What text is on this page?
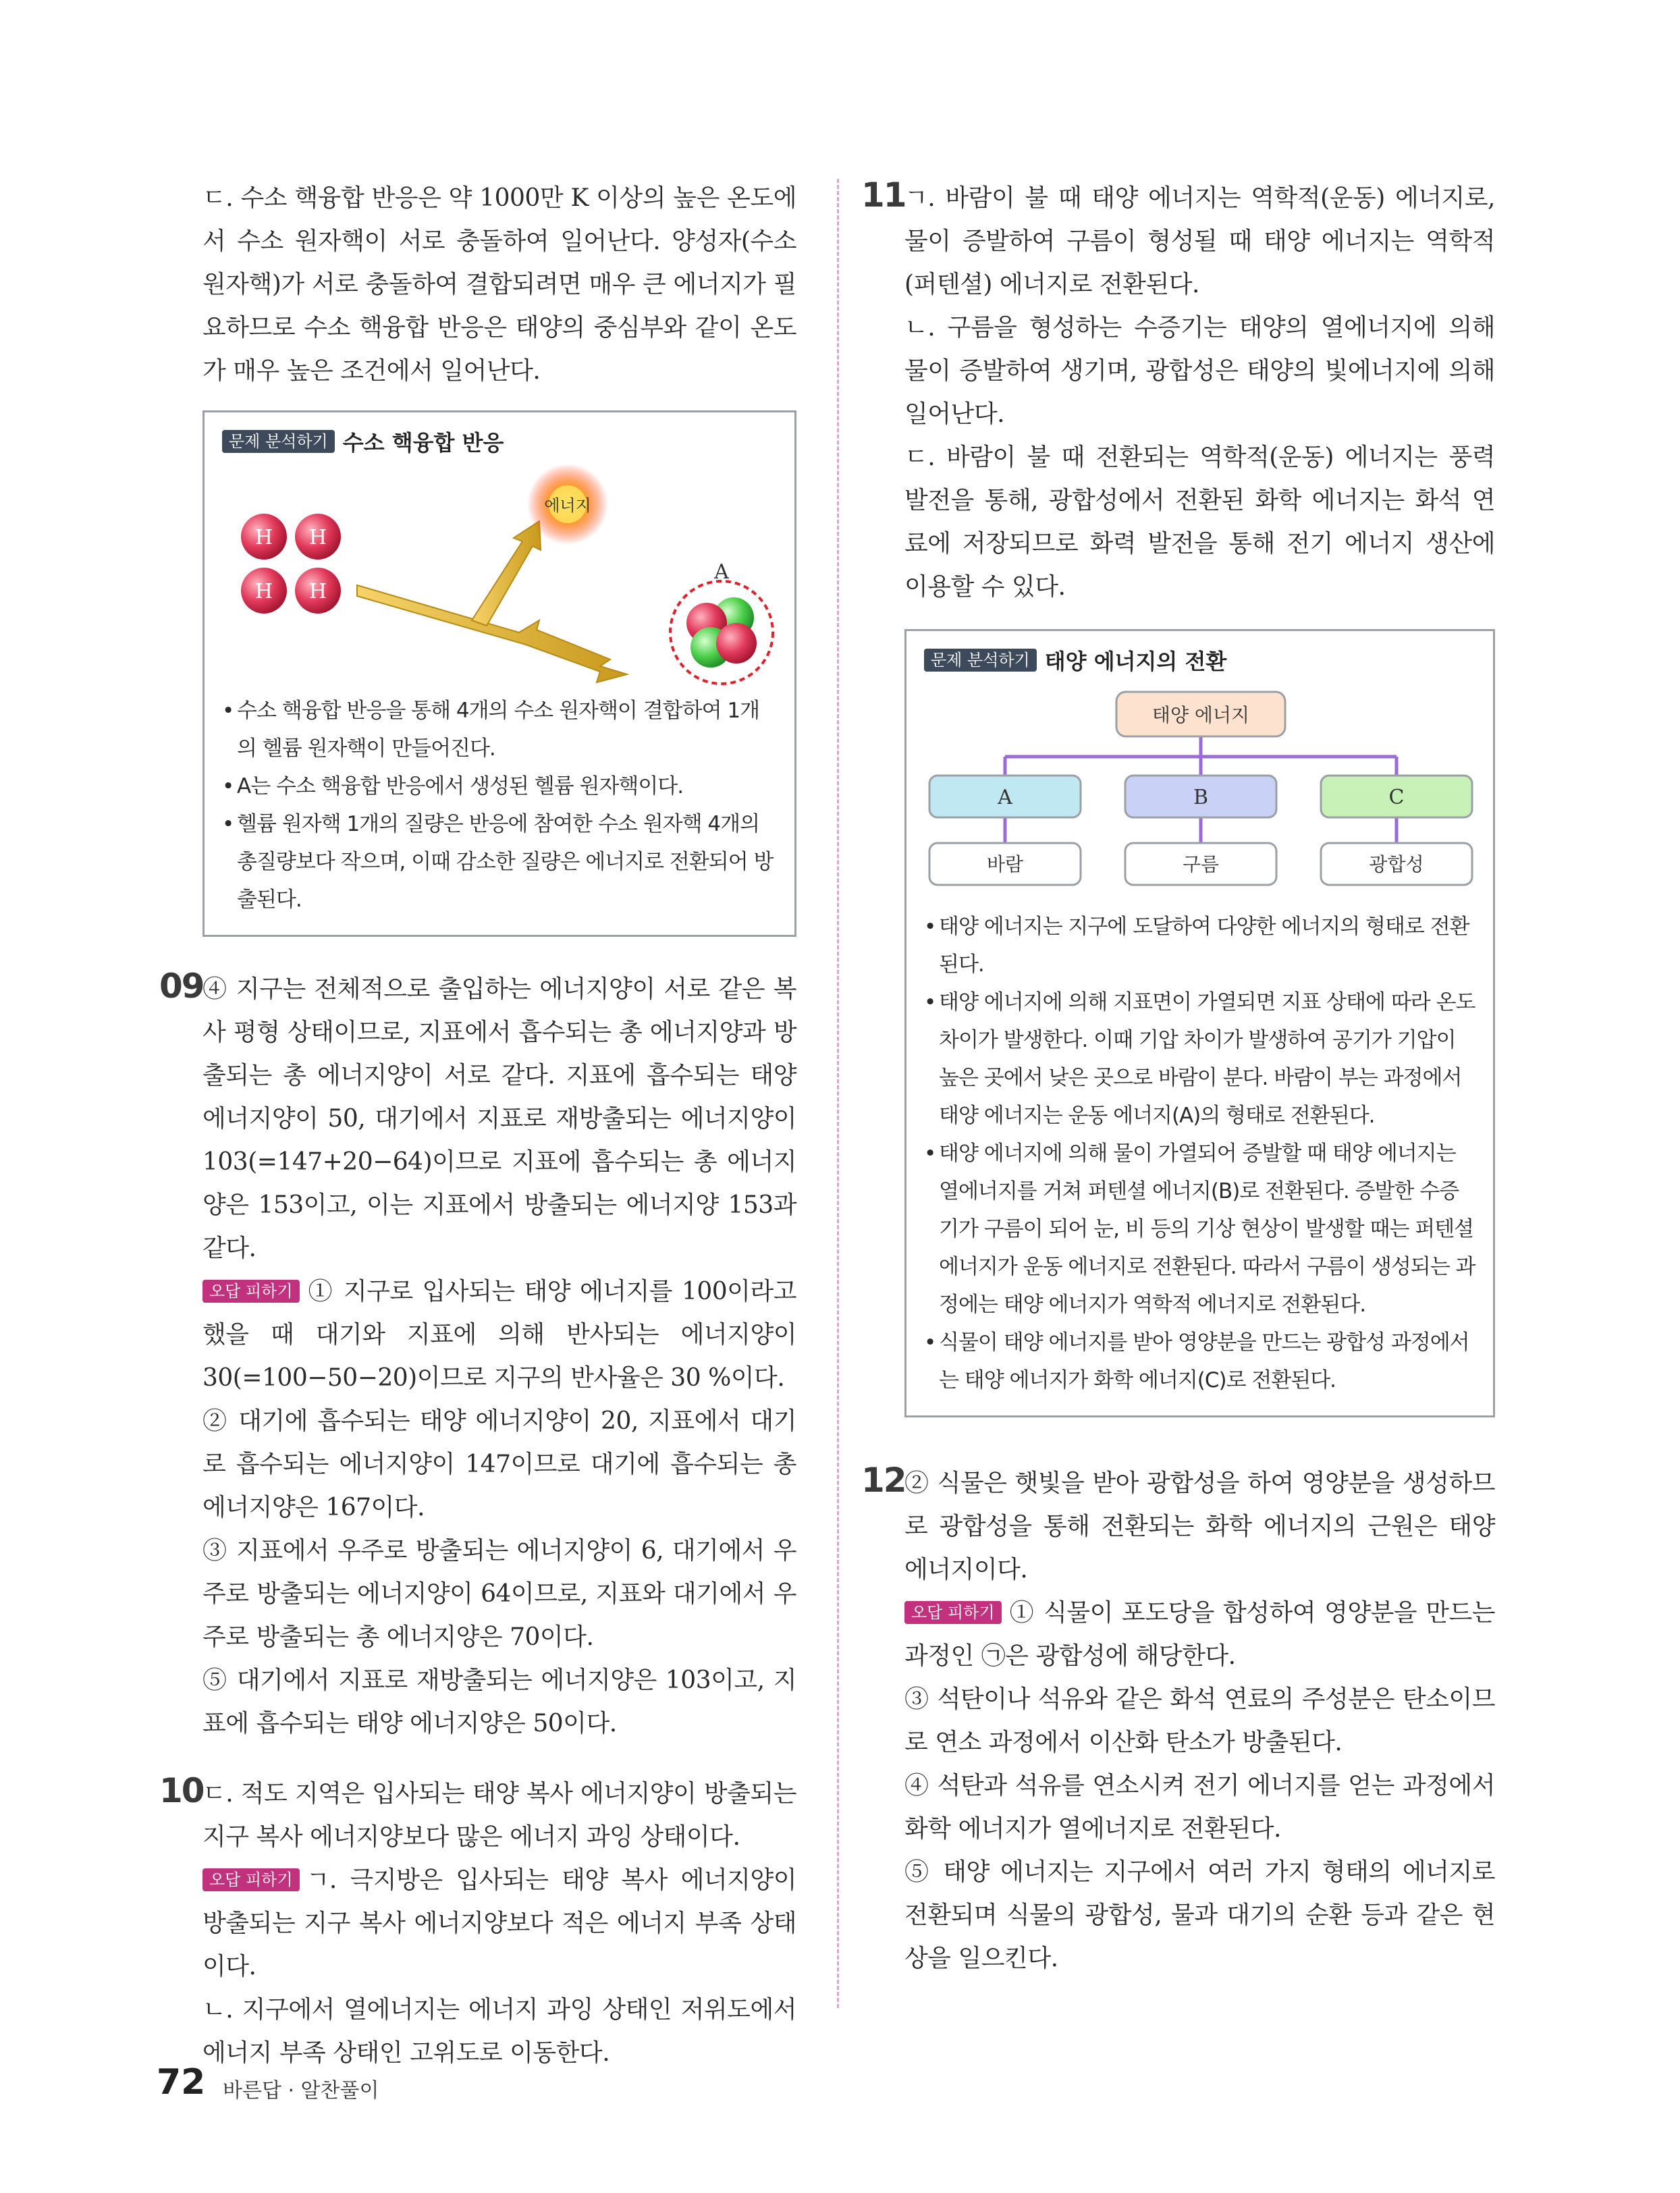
ㄷ. 수소 핵융합 반응은 약 1000만 K 이상의 높은 온도에서 수소 원자핵이 서로 충돌하여 일어난다. 양성자(수소 원자핵)가 서로 충돌하여 결합되려면 매우 큰 에너지가 필요하므로 수소 핵융합 반응은 태양의 중심부와 같이 온도가 매우 높은 조건에서 일어난다.

문제 분석하기 수소 핵융합 반응
H H
H H
에너지
A
• 수소 핵융합 반응을 통해 4개의 수소 원자핵이 결합하여 1개의 헬륨 원자핵이 만들어진다.
• A는 수소 핵융합 반응에서 생성된 헬륨 원자핵이다.
• 헬륨 원자핵 1개의 질량은 반응에 참여한 수소 원자핵 4개의 총질량보다 작으며, 이때 감소한 질량은 에너지로 전환되어 방출된다.
09

④ 지구는 전체적으로 출입하는 에너지양이 서로 같은 복사 평형 상태이므로, 지표에서 흡수되는 총 에너지양과 방출되는 총 에너지양이 서로 같다. 지표에 흡수되는 태양 에너지양이 50, 대기에서 지표로 재방출되는 에너지양이 103(=147+20−64)이므로 지표에 흡수되는 총 에너지양은 153이고, 이는 지표에서 방출되는 에너지양 153과 같다.

오답 피하기 ① 지구로 입사되는 태양 에너지를 100이라고 했을 때 대기와 지표에 의해 반사되는 에너지양이 30(=100−50−20)이므로 지구의 반사율은 30 %이다.

② 대기에 흡수되는 태양 에너지양이 20, 지표에서 대기로 흡수되는 에너지양이 147이므로 대기에 흡수되는 총 에너지양은 167이다.

③ 지표에서 우주로 방출되는 에너지양이 6, 대기에서 우주로 방출되는 에너지양이 64이므로, 지표와 대기에서 우주로 방출되는 총 에너지양은 70이다.

⑤ 대기에서 지표로 재방출되는 에너지양은 103이고, 지표에 흡수되는 태양 에너지양은 50이다.

10

ㄷ. 적도 지역은 입사되는 태양 복사 에너지양이 방출되는 지구 복사 에너지양보다 많은 에너지 과잉 상태이다.

오답 피하기 ㄱ. 극지방은 입사되는 태양 복사 에너지양이 방출되는 지구 복사 에너지양보다 적은 에너지 부족 상태이다.

ㄴ. 지구에서 열에너지는 에너지 과잉 상태인 저위도에서 에너지 부족 상태인 고위도로 이동한다.

11

ㄱ. 바람이 불 때 태양 에너지는 역학적(운동) 에너지로, 물이 증발하여 구름이 형성될 때 태양 에너지는 역학적(퍼텐셜) 에너지로 전환된다.

ㄴ. 구름을 형성하는 수증기는 태양의 열에너지에 의해 물이 증발하여 생기며, 광합성은 태양의 빛에너지에 의해 일어난다.

ㄷ. 바람이 불 때 전환되는 역학적(운동) 에너지는 풍력 발전을 통해, 광합성에서 전환된 화학 에너지는 화석 연료에 저장되므로 화력 발전을 통해 전기 에너지 생산에 이용할 수 있다.

문제 분석하기 태양 에너지의 전환
태양 에너지
A	B	C
바람	구름	광합성
• 태양 에너지는 지구에 도달하여 다양한 에너지의 형태로 전환된다.
• 태양 에너지에 의해 지표면이 가열되면 지표 상태에 따라 온도 차이가 발생한다. 이때 기압 차이가 발생하여 공기가 기압이 높은 곳에서 낮은 곳으로 바람이 분다. 바람이 부는 과정에서 태양 에너지는 운동 에너지(A)의 형태로 전환된다.
• 태양 에너지에 의해 물이 가열되어 증발할 때 태양 에너지는 열에너지를 거쳐 퍼텐셜 에너지(B)로 전환된다. 증발한 수증기가 구름이 되어 눈, 비 등의 기상 현상이 발생할 때는 퍼텐셜 에너지가 운동 에너지로 전환된다. 따라서 구름이 생성되는 과정에는 태양 에너지가 역학적 에너지로 전환된다.
• 식물이 태양 에너지를 받아 영양분을 만드는 광합성 과정에서는 태양 에너지가 화학 에너지(C)로 전환된다.
12

② 식물은 햇빛을 받아 광합성을 하여 영양분을 생성하므로 광합성을 통해 전환되는 화학 에너지의 근원은 태양 에너지이다.

오답 피하기 ① 식물이 포도당을 합성하여 영양분을 만드는 과정인 ㉠은 광합성에 해당한다.

③ 석탄이나 석유와 같은 화석 연료의 주성분은 탄소이므로 연소 과정에서 이산화 탄소가 방출된다.

④ 석탄과 석유를 연소시켜 전기 에너지를 얻는 과정에서 화학 에너지가 열에너지로 전환된다.

⑤ 태양 에너지는 지구에서 여러 가지 형태의 에너지로 전환되며 식물의 광합성, 물과 대기의 순환 등과 같은 현상을 일으킨다.

72 바른답 · 알찬풀이
